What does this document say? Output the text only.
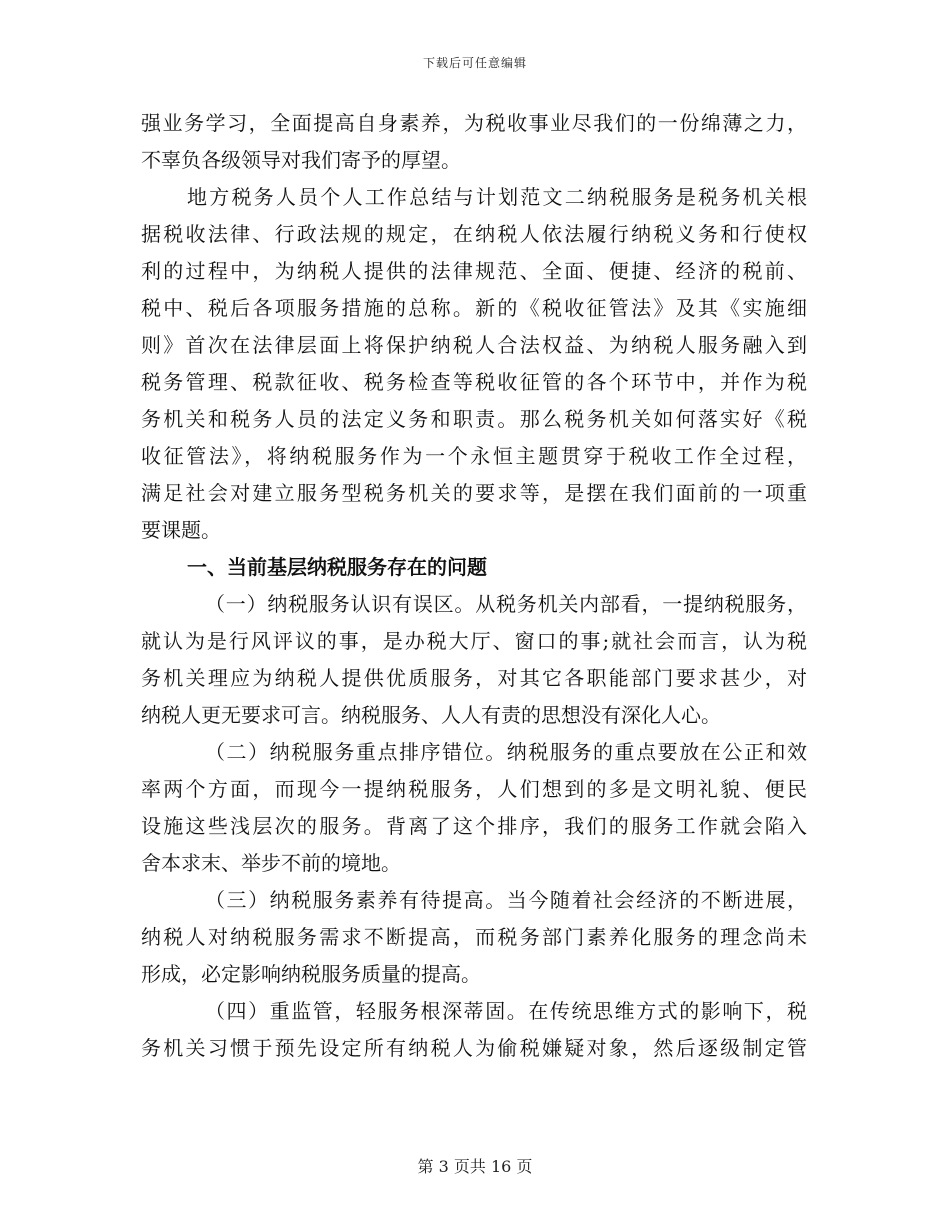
下载后可任意编辑
强业务学习，全面提高自身素养，为税收事业尽我们的一份绵薄之力，
不辜负各级领导对我们寄予的厚望。
地方税务人员个人工作总结与计划范文二纳税服务是税务机关根
据税收法律、行政法规的规定，在纳税人依法履行纳税义务和行使权
利的过程中，为纳税人提供的法律规范、全面、便捷、经济的税前、
税中、税后各项服务措施的总称。新的《税收征管法》及其《实施细
则》首次在法律层面上将保护纳税人合法权益、为纳税人服务融入到
税务管理、税款征收、税务检查等税收征管的各个环节中，并作为税
务机关和税务人员的法定义务和职责。那么税务机关如何落实好《税
收征管法》，将纳税服务作为一个永恒主题贯穿于税收工作全过程，
满足社会对建立服务型税务机关的要求等，是摆在我们面前的一项重
要课题。
一、当前基层纳税服务存在的问题
（一）纳税服务认识有误区。从税务机关内部看，一提纳税服务，
就认为是行风评议的事，是办税大厅、窗口的事;就社会而言，认为税
务机关理应为纳税人提供优质服务，对其它各职能部门要求甚少，对
纳税人更无要求可言。纳税服务、人人有责的思想没有深化人心。
（二）纳税服务重点排序错位。纳税服务的重点要放在公正和效
率两个方面，而现今一提纳税服务，人们想到的多是文明礼貌、便民
设施这些浅层次的服务。背离了这个排序，我们的服务工作就会陷入
舍本求末、举步不前的境地。
（三）纳税服务素养有待提高。当今随着社会经济的不断进展，
纳税人对纳税服务需求不断提高，而税务部门素养化服务的理念尚未
形成，必定影响纳税服务质量的提高。
（四）重监管，轻服务根深蒂固。在传统思维方式的影响下，税
务机关习惯于预先设定所有纳税人为偷税嫌疑对象，然后逐级制定管
第 3 页共 16 页
